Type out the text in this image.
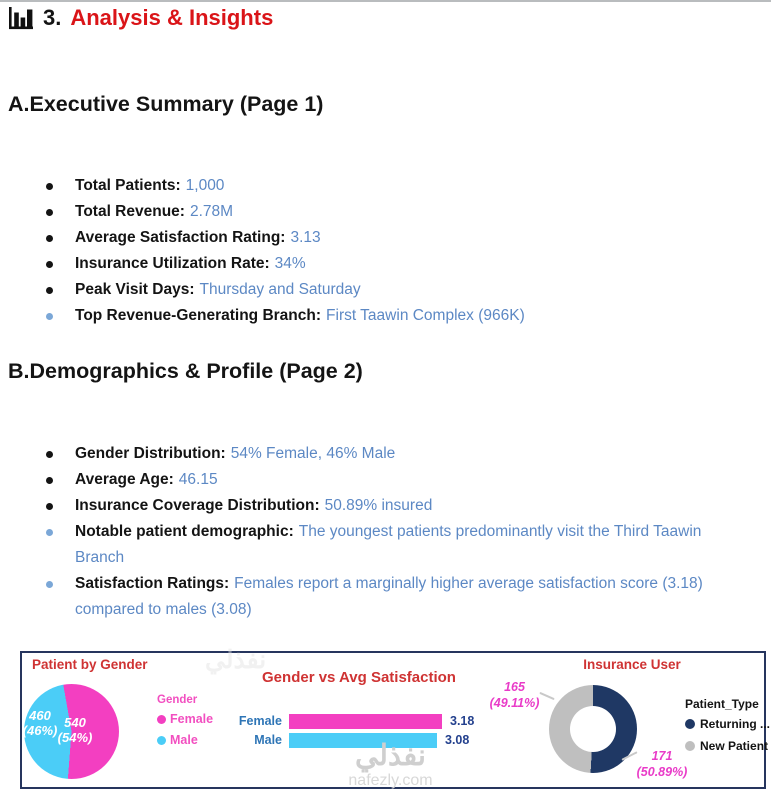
3. Analysis & Insights
A.Executive Summary (Page 1)
Total Patients: 1,000
Total Revenue: 2.78M
Average Satisfaction Rating: 3.13
Insurance Utilization Rate: 34%
Peak Visit Days: Thursday and Saturday
Top Revenue-Generating Branch: First Taawin Complex (966K)
B.Demographics & Profile (Page 2)
Gender Distribution: 54% Female, 46% Male
Average Age: 46.15
Insurance Coverage Distribution: 50.89% insured
Notable patient demographic: The youngest patients predominantly visit the Third Taawin Branch
Satisfaction Ratings: Females report a marginally higher average satisfaction score (3.18) compared to males (3.08)
Patient by Gender
460
(46%)
540
(54%)
Gender
Female
Male
Gender vs Avg Satisfaction
Female	3.18
Male	3.08
Insurance User
165
(49.11%)
171
(50.89%)
Patient_Type
Returning ...
New Patient
نفذلي
نفذلي
nafezly.com
